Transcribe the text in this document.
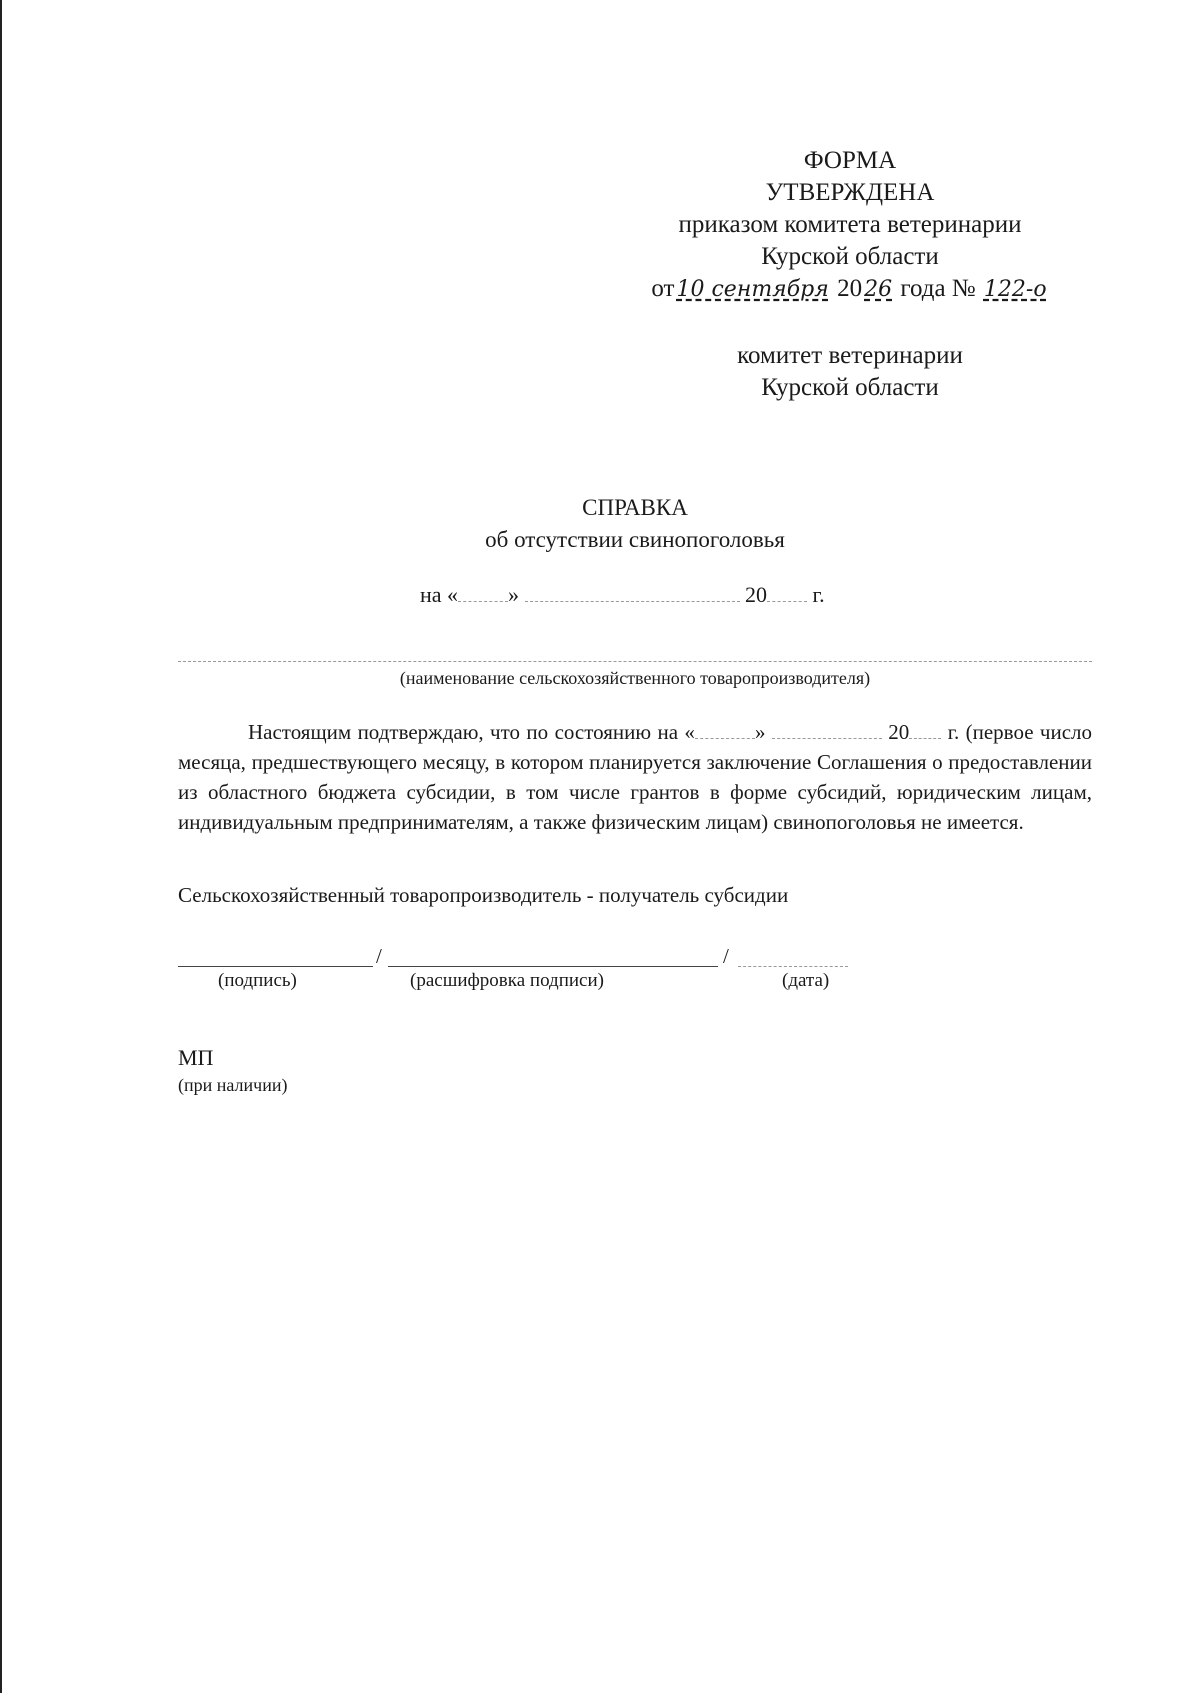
ФОРМА
УТВЕРЖДЕНА
приказом комитета ветеринарии
Курской области
от10 сентября 2026 года № 122-о
комитет ветеринарии
Курской области
СПРАВКА
об отсутствии свинопоголовья
на « »	20 г.
(наименование сельскохозяйственного товаропроизводителя)
Настоящим подтверждаю, что по состоянию на «	»	20 г. (первое число месяца, предшествующего месяцу, в котором планируется заключение Соглашения о предоставлении из областного бюджета субсидии, в том числе грантов в форме субсидий, юридическим лицам, индивидуальным предпринимателям, а также физическим лицам) свинопоголовья не имеется.
Сельскохозяйственный товаропроизводитель - получатель субсидии
/	/
(подпись)	(расшифровка подписи)	(дата)
МП
(при наличии)
